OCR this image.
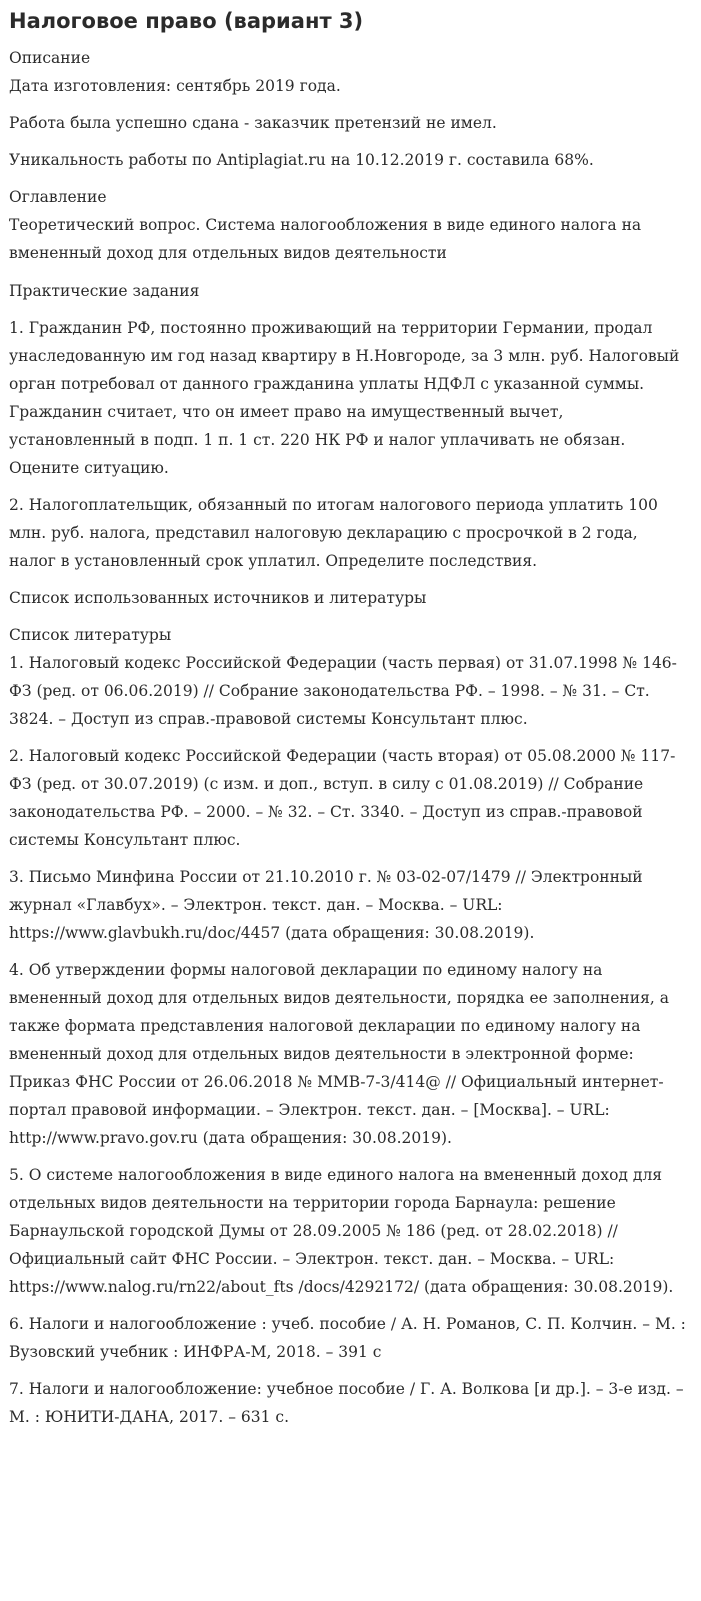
Налоговое право (вариант 3)
Описание

Дата изготовления: сентябрь 2019 года.

Работа была успешно сдана - заказчик претензий не имел.

Уникальность работы по Antiplagiat.ru на 10.12.2019 г. составила 68%.

Оглавление

Теоретический вопрос. Система налогообложения в виде единого налога на вмененный доход для отдельных видов деятельности

Практические задания

1. Гражданин РФ, постоянно проживающий на территории Германии, продал унаследованную им год назад квартиру в Н.Новгороде, за 3 млн. руб. Налоговый орган потребовал от данного гражданина уплаты НДФЛ с указанной суммы. Гражданин считает, что он имеет право на имущественный вычет, установленный в подп. 1 п. 1 ст. 220 НК РФ и налог уплачивать не обязан. Оцените ситуацию.

2. Налогоплательщик, обязанный по итогам налогового периода уплатить 100 млн. руб. налога, представил налоговую декларацию с просрочкой в 2 года, налог в установленный срок уплатил. Определите последствия.

Список использованных источников и литературы

Список литературы

1. Налоговый кодекс Российской Федерации (часть первая) от 31.07.1998 № 146-ФЗ (ред. от 06.06.2019) // Собрание законодательства РФ. – 1998. – № 31. – Ст. 3824. – Доступ из справ.-правовой системы Консультант плюс.

2. Налоговый кодекс Российской Федерации (часть вторая) от 05.08.2000 № 117-ФЗ (ред. от 30.07.2019) (с изм. и доп., вступ. в силу с 01.08.2019) // Собрание законодательства РФ. – 2000. – № 32. – Ст. 3340. – Доступ из справ.-правовой системы Консультант плюс.

3. Письмо Минфина России от 21.10.2010 г. № 03-02-07/1479 // Электронный журнал «Главбух». – Электрон. текст. дан. – Москва. – URL: https://www.glavbukh.ru/doc/4457 (дата обращения: 30.08.2019).

4. Об утверждении формы налоговой декларации по единому налогу на вмененный доход для отдельных видов деятельности, порядка ее заполнения, а также формата представления налоговой декларации по единому налогу на вмененный доход для отдельных видов деятельности в электронной форме: Приказ ФНС России от 26.06.2018 № ММВ-7-3/414@ // Официальный интернет-портал правовой информации. – Электрон. текст. дан. – [Москва]. – URL: http://www.pravo.gov.ru (дата обращения: 30.08.2019).

5. О системе налогообложения в виде единого налога на вмененный доход для отдельных видов деятельности на территории города Барнаула: решение Барнаульской городской Думы от 28.09.2005 № 186 (ред. от 28.02.2018) // Официальный сайт ФНС России. – Электрон. текст. дан. – Москва. – URL: https://www.nalog.ru/rn22/about_fts /docs/4292172/ (дата обращения: 30.08.2019).

6. Налоги и налогообложение : учеб. пособие / А. Н. Романов, С. П. Колчин. – М. : Вузовский учебник : ИНФРА-М, 2018. – 391 с

7. Налоги и налогообложение: учебное пособие / Г. А. Волкова [и др.]. – 3-е изд. – М. : ЮНИТИ-ДАНА, 2017. – 631 с.
